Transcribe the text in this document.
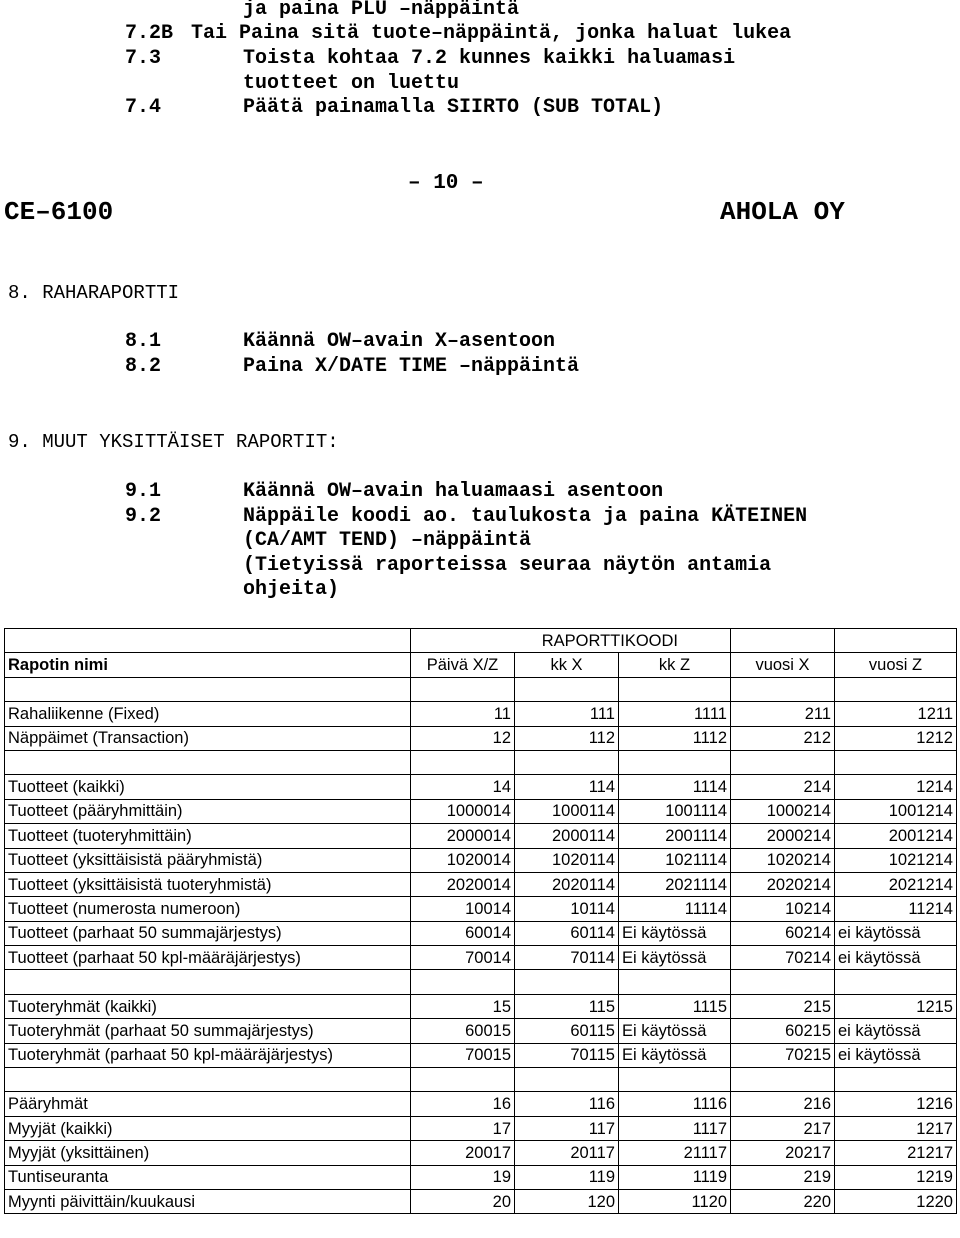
ja paina PLU –näppäintä
7.2B Tai Paina sitä tuote–näppäintä, jonka haluat lukea
7.3	Toista kohtaa 7.2 kunnes kaikki haluamasi
tuotteet on luettu
7.4	Päätä painamalla SIIRTO (SUB TOTAL)
– 10 –
CE–6100	AHOLA OY
8. RAHARAPORTTI
8.1	Käännä OW–avain X–asentoon
8.2	Paina X/DATE TIME –näppäintä
9. MUUT YKSITTÄISET RAPORTIT:
9.1	Käännä OW–avain haluamaasi asentoon
9.2	Näppäile koodi ao. taulukosta ja paina KÄTEINEN
(CA/AMT TEND) –näppäintä
(Tietyissä raporteissa seuraa näytön antamia
ohjeita)
	RAPORTTIKOODI				
Rapotin nimi	Päivä X/Z	kk X	kk Z	vuosi X	vuosi Z

Rahaliikenne (Fixed)	11	111	1111	211	1211
Näppäimet (Transaction)	12	112	1112	212	1212

Tuotteet (kaikki)	14	114	1114	214	1214
Tuotteet (pääryhmittäin)	1000014	1000114	1001114	1000214	1001214
Tuotteet (tuoteryhmittäin)	2000014	2000114	2001114	2000214	2001214
Tuotteet (yksittäisistä pääryhmistä)	1020014	1020114	1021114	1020214	1021214
Tuotteet (yksittäisistä tuoteryhmistä)	2020014	2020114	2021114	2020214	2021214
Tuotteet (numerosta numeroon)	10014	10114	11114	10214	11214
Tuotteet (parhaat 50 summajärjestys)	60014	60114	Ei käytössä	60214	ei käytössä
Tuotteet (parhaat 50 kpl-määräjärjestys)	70014	70114	Ei käytössä	70214	ei käytössä

Tuoteryhmät (kaikki)	15	115	1115	215	1215
Tuoteryhmät (parhaat 50 summajärjestys)	60015	60115	Ei käytössä	60215	ei käytössä
Tuoteryhmät (parhaat 50 kpl-määräjärjestys)	70015	70115	Ei käytössä	70215	ei käytössä

Pääryhmät	16	116	1116	216	1216
Myyjät (kaikki)	17	117	1117	217	1217
Myyjät (yksittäinen)	20017	20117	21117	20217	21217
Tuntiseuranta	19	119	1119	219	1219
Myynti päivittäin/kuukausi	20	120	1120	220	1220
